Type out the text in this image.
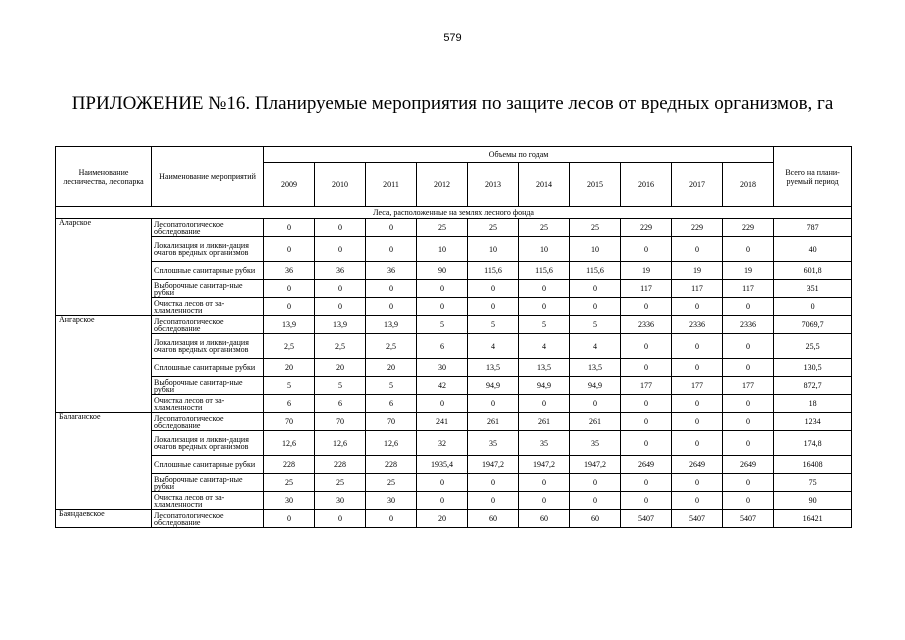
579
ПРИЛОЖЕНИЕ №16. Планируемые мероприятия по защите лесов от вредных организмов, га
Наименование лесничества, лесопарка	Наименование мероприятий	Объемы по годам										Всего на плани-руемый период
		2009	2010	2011	2012	2013	2014	2015	2016	2017	2018	
Леса, расположенные на землях лесного фонда												
Аларское	Лесопатологическое обследование	0	0	0	25	25	25	25	229	229	229	787
	Локализация и ликви-дация очагов вредных организмов	0	0	0	10	10	10	10	0	0	0	40
	Сплошные санитарные рубки	36	36	36	90	115,6	115,6	115,6	19	19	19	601,8
	Выборочные санитар-ные рубки	0	0	0	0	0	0	0	117	117	117	351
	Очистка лесов от за-хламленности	0	0	0	0	0	0	0	0	0	0	0
Ангарское	Лесопатологическое обследование	13,9	13,9	13,9	5	5	5	5	2336	2336	2336	7069,7
	Локализация и ликви-дация очагов вредных организмов	2,5	2,5	2,5	6	4	4	4	0	0	0	25,5
	Сплошные санитарные рубки	20	20	20	30	13,5	13,5	13,5	0	0	0	130,5
	Выборочные санитар-ные рубки	5	5	5	42	94,9	94,9	94,9	177	177	177	872,7
	Очистка лесов от за-хламленности	6	6	6	0	0	0	0	0	0	0	18
Балаганское	Лесопатологическое обследование	70	70	70	241	261	261	261	0	0	0	1234
	Локализация и ликви-дация очагов вредных организмов	12,6	12,6	12,6	32	35	35	35	0	0	0	174,8
	Сплошные санитарные рубки	228	228	228	1935,4	1947,2	1947,2	1947,2	2649	2649	2649	16408
	Выборочные санитар-ные рубки	25	25	25	0	0	0	0	0	0	0	75
	Очистка лесов от за-хламленности	30	30	30	0	0	0	0	0	0	0	90
Баяндаевское	Лесопатологическое обследование	0	0	0	20	60	60	60	5407	5407	5407	16421
